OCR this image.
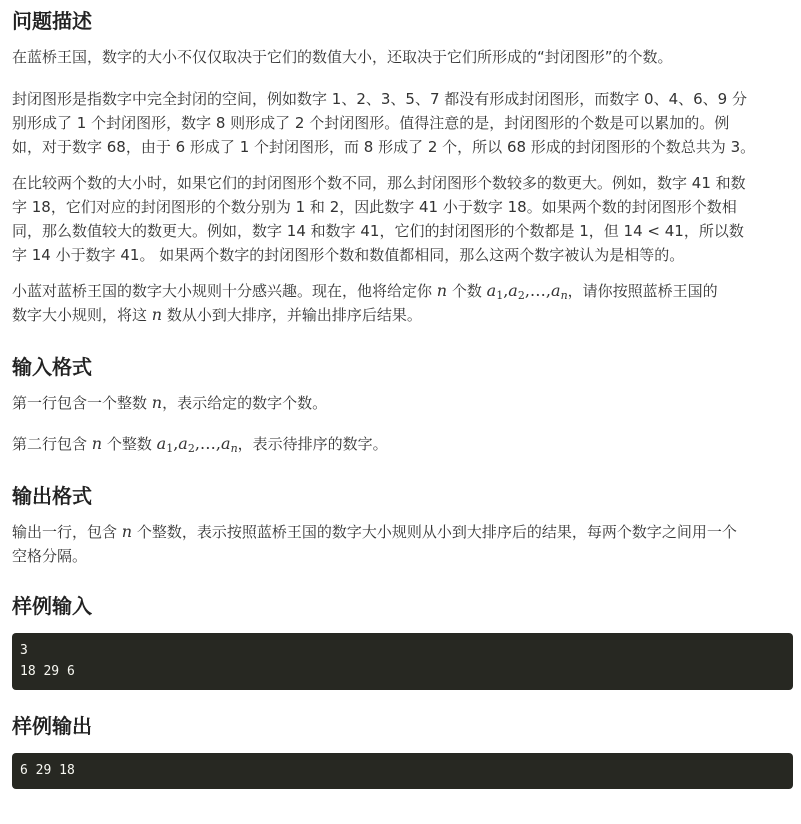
问题描述

在蓝桥王国，数字的大小不仅仅取决于它们的数值大小，还取决于它们所形成的“封闭图形”的个数。

封闭图形是指数字中完全封闭的空间，例如数字 1、2、3、5、7 都没有形成封闭图形，而数字 0、4、6、9 分
别形成了 1 个封闭图形，数字 8 则形成了 2 个封闭图形。值得注意的是，封闭图形的个数是可以累加的。例
如，对于数字 68，由于 6 形成了 1 个封闭图形，而 8 形成了 2 个，所以 68 形成的封闭图形的个数总共为 3。

在比较两个数的大小时，如果它们的封闭图形个数不同，那么封闭图形个数较多的数更大。例如，数字 41 和数
字 18，它们对应的封闭图形的个数分别为 1 和 2，因此数字 41 小于数字 18。如果两个数的封闭图形个数相
同，那么数值较大的数更大。例如，数字 14 和数字 41，它们的封闭图形的个数都是 1，但 14 < 41，所以数
字 14 小于数字 41。 如果两个数字的封闭图形个数和数值都相同，那么这两个数字被认为是相等的。

小蓝对蓝桥王国的数字大小规则十分感兴趣。现在，他将给定你 n 个数 $a_1,a_2,\dots,a_n$，请你按照蓝桥王国的
数字大小规则，将这 n 数从小到大排序，并输出排序后结果。

输入格式

第一行包含一个整数 n，表示给定的数字个数。

第二行包含 n 个整数 $a_1,a_2,\dots,a_n$，表示待排序的数字。

输出格式

输出一行，包含 n 个整数，表示按照蓝桥王国的数字大小规则从小到大排序后的结果，每两个数字之间用一个
空格分隔。

样例输入
3
18 29 6
样例输出
6 29 18
